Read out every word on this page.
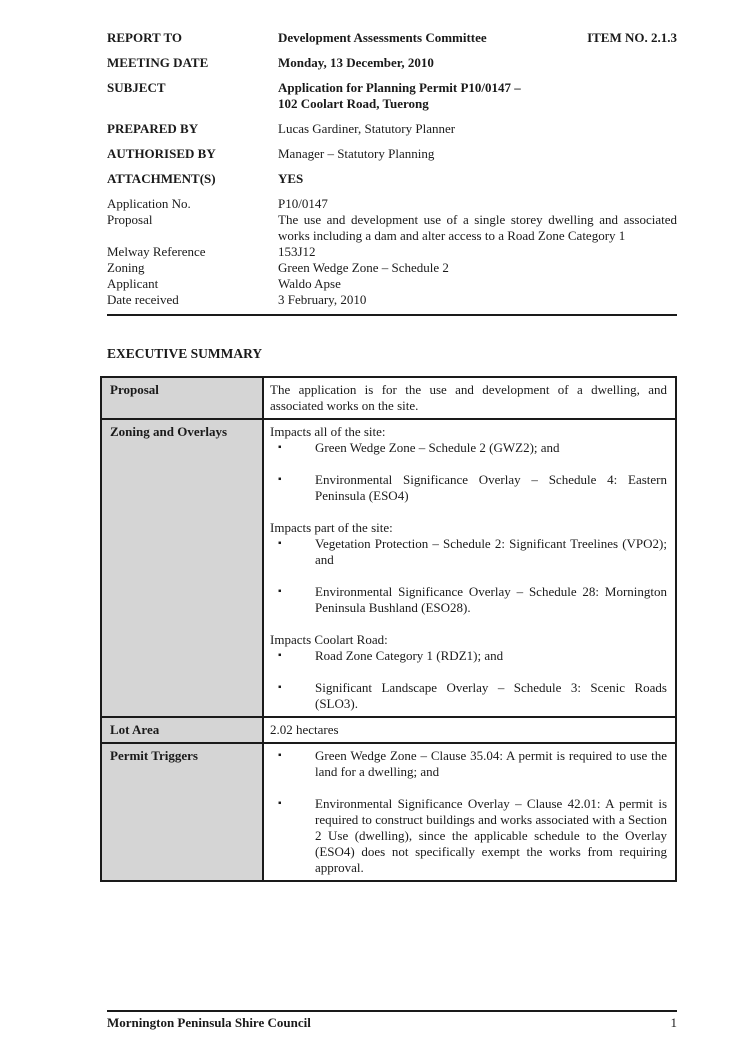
REPORT TO	Development Assessments Committee	ITEM NO. 2.1.3
MEETING DATE	Monday, 13 December, 2010
SUBJECT	Application for Planning Permit P10/0147 –
102 Coolart Road, Tuerong
PREPARED BY	Lucas Gardiner, Statutory Planner
AUTHORISED BY	Manager – Statutory Planning
ATTACHMENT(S)	YES
Application No.	P10/0147
Proposal	The use and development use of a single storey dwelling and associated works including a dam and alter access to a Road Zone Category 1
Melway Reference	153J12
Zoning	Green Wedge Zone – Schedule 2
Applicant	Waldo Apse
Date received	3 February, 2010
EXECUTIVE SUMMARY
Proposal	The application is for the use and development of a dwelling, and associated works on the site.

Zoning and Overlays	Impacts all of the site:
▪ Green Wedge Zone – Schedule 2 (GWZ2); and
▪ Environmental Significance Overlay – Schedule 4: Eastern Peninsula (ESO4)
Impacts part of the site:
▪ Vegetation Protection – Schedule 2: Significant Treelines (VPO2); and
▪ Environmental Significance Overlay – Schedule 28: Mornington Peninsula Bushland (ESO28).
Impacts Coolart Road:
▪ Road Zone Category 1 (RDZ1); and
▪ Significant Landscape Overlay – Schedule 3: Scenic Roads (SLO3).

Lot Area	2.02 hectares

Permit Triggers	▪ Green Wedge Zone – Clause 35.04: A permit is required to use the land for a dwelling; and
▪ Environmental Significance Overlay – Clause 42.01: A permit is required to construct buildings and works associated with a Section 2 Use (dwelling), since the applicable schedule to the Overlay (ESO4) does not specifically exempt the works from requiring approval.
Mornington Peninsula Shire Council	1
